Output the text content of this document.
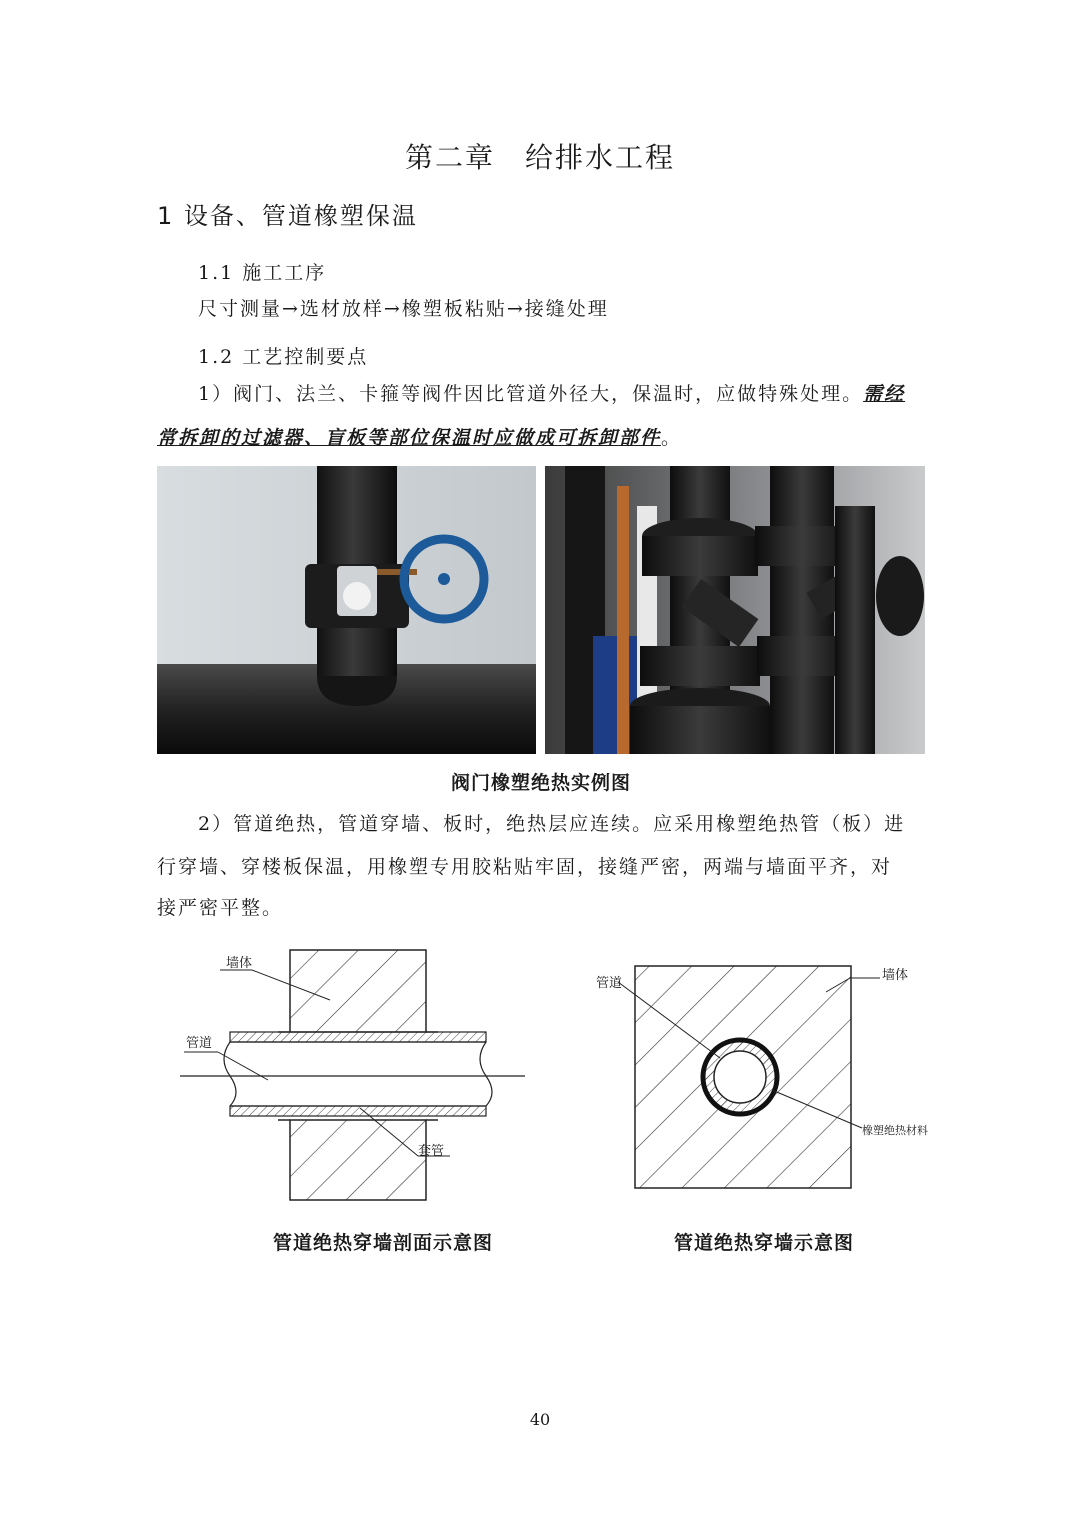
第二章　给排水工程
1 设备、管道橡塑保温
1.1 施工工序
尺寸测量→选材放样→橡塑板粘贴→接缝处理
1.2 工艺控制要点
1）阀门、法兰、卡箍等阀件因比管道外径大，保温时，应做特殊处理。需经
常拆卸的过滤器、盲板等部位保温时应做成可拆卸部件。
阀门橡塑绝热实例图
2）管道绝热，管道穿墙、板时，绝热层应连续。应采用橡塑绝热管（板）进
行穿墙、穿楼板保温，用橡塑专用胶粘贴牢固，接缝严密，两端与墙面平齐，对
接严密平整。
墙体
管道
套管
管道
墙体
橡塑绝热材料
管道绝热穿墙剖面示意图	管道绝热穿墙示意图
40
